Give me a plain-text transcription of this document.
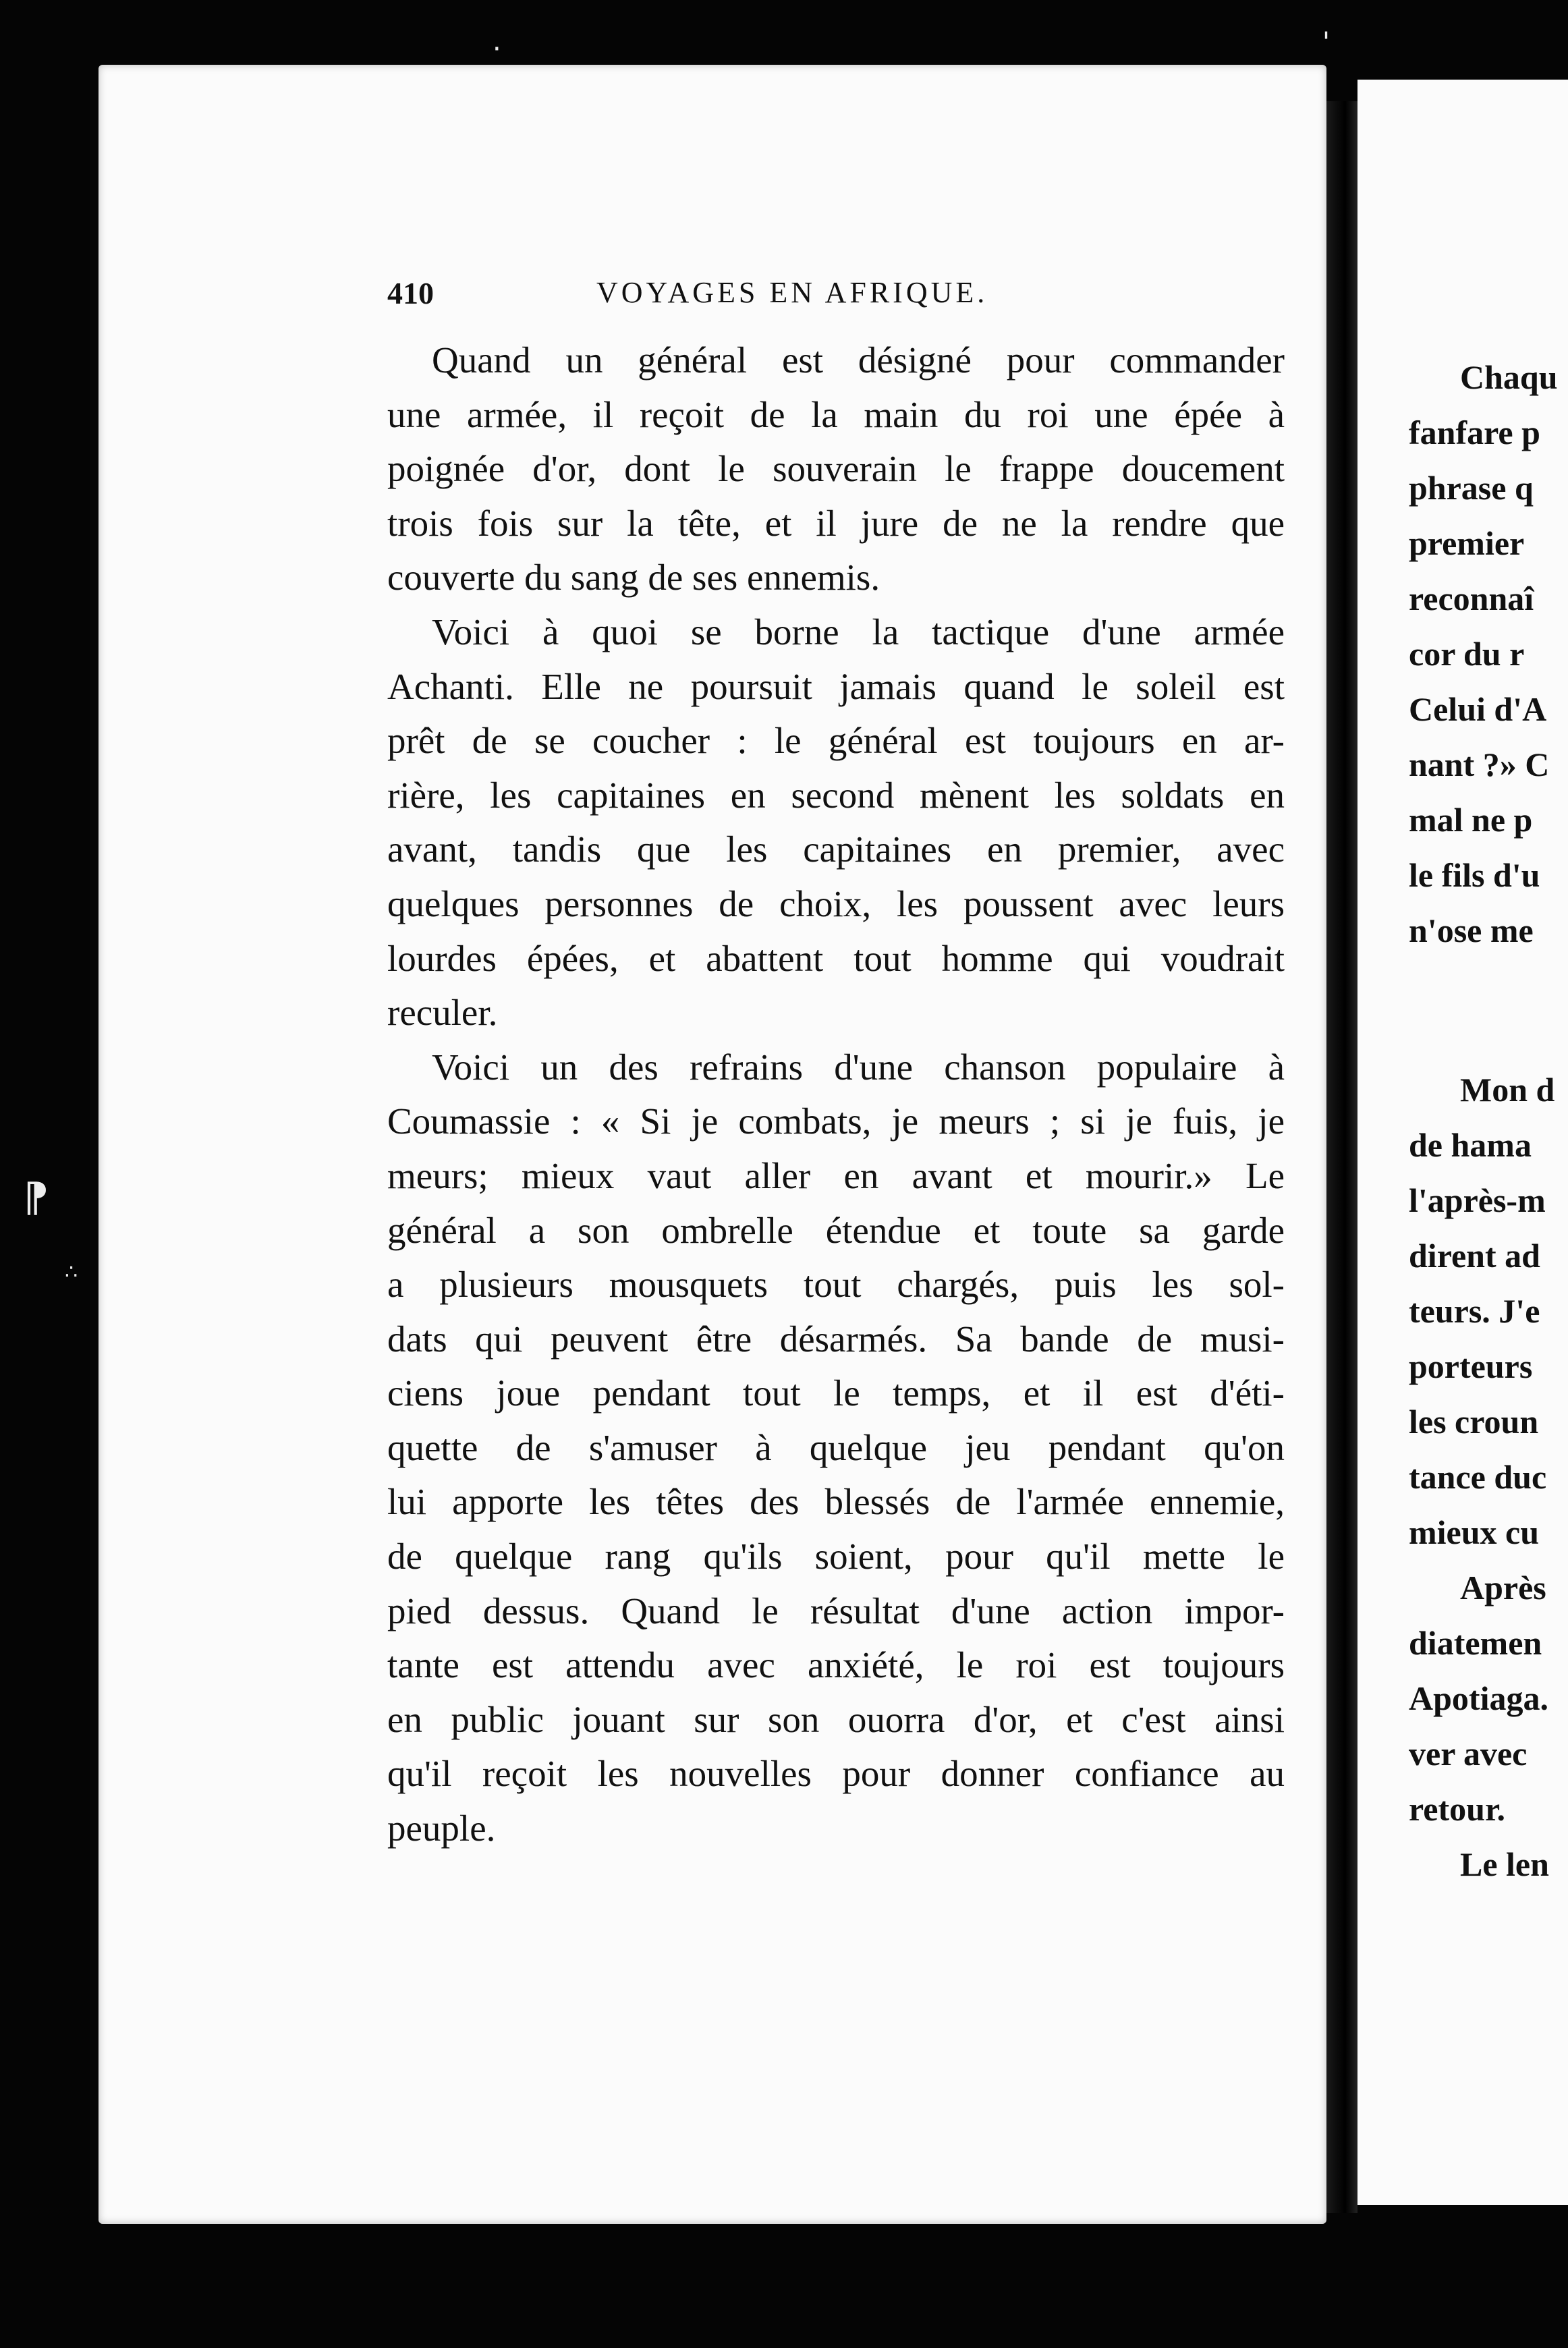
410	VOYAGES EN AFRIQUE.
Quand un général est désigné pour commander
une armée, il reçoit de la main du roi une épée à
poignée d'or, dont le souverain le frappe doucement
trois fois sur la tête, et il jure de ne la rendre que
couverte du sang de ses ennemis.
Voici à quoi se borne la tactique d'une armée
Achanti. Elle ne poursuit jamais quand le soleil est
prêt de se coucher : le général est toujours en ar-
rière, les capitaines en second mènent les soldats en
avant, tandis que les capitaines en premier, avec
quelques personnes de choix, les poussent avec leurs
lourdes épées, et abattent tout homme qui voudrait
reculer.
Voici un des refrains d'une chanson populaire à
Coumassie : « Si je combats, je meurs ; si je fuis, je
meurs; mieux vaut aller en avant et mourir.» Le
général a son ombrelle étendue et toute sa garde
a plusieurs mousquets tout chargés, puis les sol-
dats qui peuvent être désarmés. Sa bande de musi-
ciens joue pendant tout le temps, et il est d'éti-
quette de s'amuser à quelque jeu pendant qu'on
lui apporte les têtes des blessés de l'armée ennemie,
de quelque rang qu'ils soient, pour qu'il mette le
pied dessus. Quand le résultat d'une action impor-
tante est attendu avec anxiété, le roi est toujours
en public jouant sur son ouorra d'or, et c'est ainsi
qu'il reçoit les nouvelles pour donner confiance au
peuple.
Chaqu
fanfare p
phrase q
premier
reconnaî
cor du r
Celui d'A
nant ?» C
mal ne p
le fils d'u
n'ose me
Mon d
de hama
l'après-m
dirent ad
teurs. J'e
porteurs
les croun
tance duc
mieux cu
Après
diatemen
Apotiaga.
ver avec
retour.
Le len
⁋
∴
'
·
